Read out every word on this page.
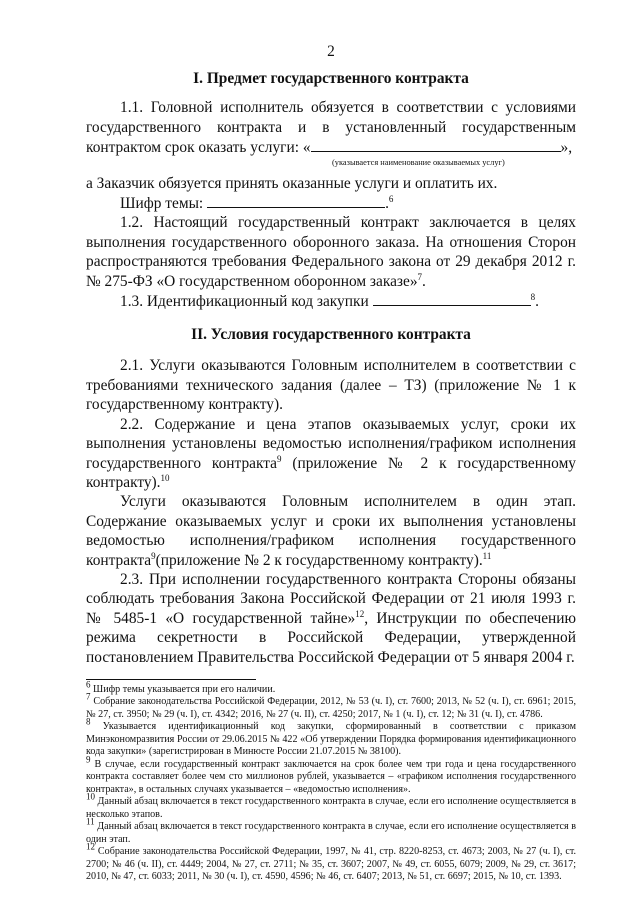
2
I. Предмет государственного контракта

1.1. Головной исполнитель обязуется в соответствии с условиями государственного контракта и в установленный государственным контрактом срок оказать услуги: «	»,

(указывается наименование оказываемых услуг)

а Заказчик обязуется принять оказанные услуги и оплатить их.

Шифр темы:	.$^6$

1.2. Настоящий государственный контракт заключается в целях выполнения государственного оборонного заказа. На отношения Сторон распространяются требования Федерального закона от 29 декабря 2012 г. № 275-ФЗ «О государственном оборонном заказе»$^7$.

1.3. Идентификационный код закупки	$^8$.

II. Условия государственного контракта

2.1. Услуги оказываются Головным исполнителем в соответствии с требованиями технического задания (далее – ТЗ) (приложение № 1 к государственному контракту).

2.2. Содержание и цена этапов оказываемых услуг, сроки их выполнения установлены ведомостью исполнения/графиком исполнения государственного контракта$^9$ (приложение № 2 к государственному контракту).$^{10}$

Услуги оказываются Головным исполнителем в один этап. Содержание оказываемых услуг и сроки их выполнения установлены ведомостью исполнения/графиком исполнения государственного контракта$^9$(приложение № 2 к государственному контракту).$^{11}$

2.3. При исполнении государственного контракта Стороны обязаны соблюдать требования Закона Российской Федерации от 21 июля 1993 г. № 5485-1 «О государственной тайне»$^{12}$, Инструкции по обеспечению режима секретности в Российской Федерации, утвержденной постановлением Правительства Российской Федерации от 5 января 2004 г.

$^6$ Шифр темы указывается при его наличии.

$^7$ Собрание законодательства Российской Федерации, 2012, № 53 (ч. I), ст. 7600; 2013, № 52 (ч. I), ст. 6961; 2015, № 27, ст. 3950; № 29 (ч. I), ст. 4342; 2016, № 27 (ч. II), ст. 4250; 2017, № 1 (ч. I), ст. 12; № 31 (ч. I), ст. 4786.

$^8$ Указывается идентификационный код закупки, сформированный в соответствии с приказом Минэкономразвития России от 29.06.2015 № 422 «Об утверждении Порядка формирования идентификационного кода закупки» (зарегистрирован в Минюсте России 21.07.2015 № 38100).

$^9$ В случае, если государственный контракт заключается на срок более чем три года и цена государственного контракта составляет более чем сто миллионов рублей, указывается – «графиком исполнения государственного контракта», в остальных случаях указывается – «ведомостью исполнения».

$^{10}$ Данный абзац включается в текст государственного контракта в случае, если его исполнение осуществляется в несколько этапов.

$^{11}$ Данный абзац включается в текст государственного контракта в случае, если его исполнение осуществляется в один этап.

$^{12}$ Собрание законодательства Российской Федерации, 1997, № 41, стр. 8220-8253, ст. 4673; 2003, № 27 (ч. I), ст. 2700; № 46 (ч. II), ст. 4449; 2004, № 27, ст. 2711; № 35, ст. 3607; 2007, № 49, ст. 6055, 6079; 2009, № 29, ст. 3617; 2010, № 47, ст. 6033; 2011, № 30 (ч. I), ст. 4590, 4596; № 46, ст. 6407; 2013, № 51, ст. 6697; 2015, № 10, ст. 1393.
